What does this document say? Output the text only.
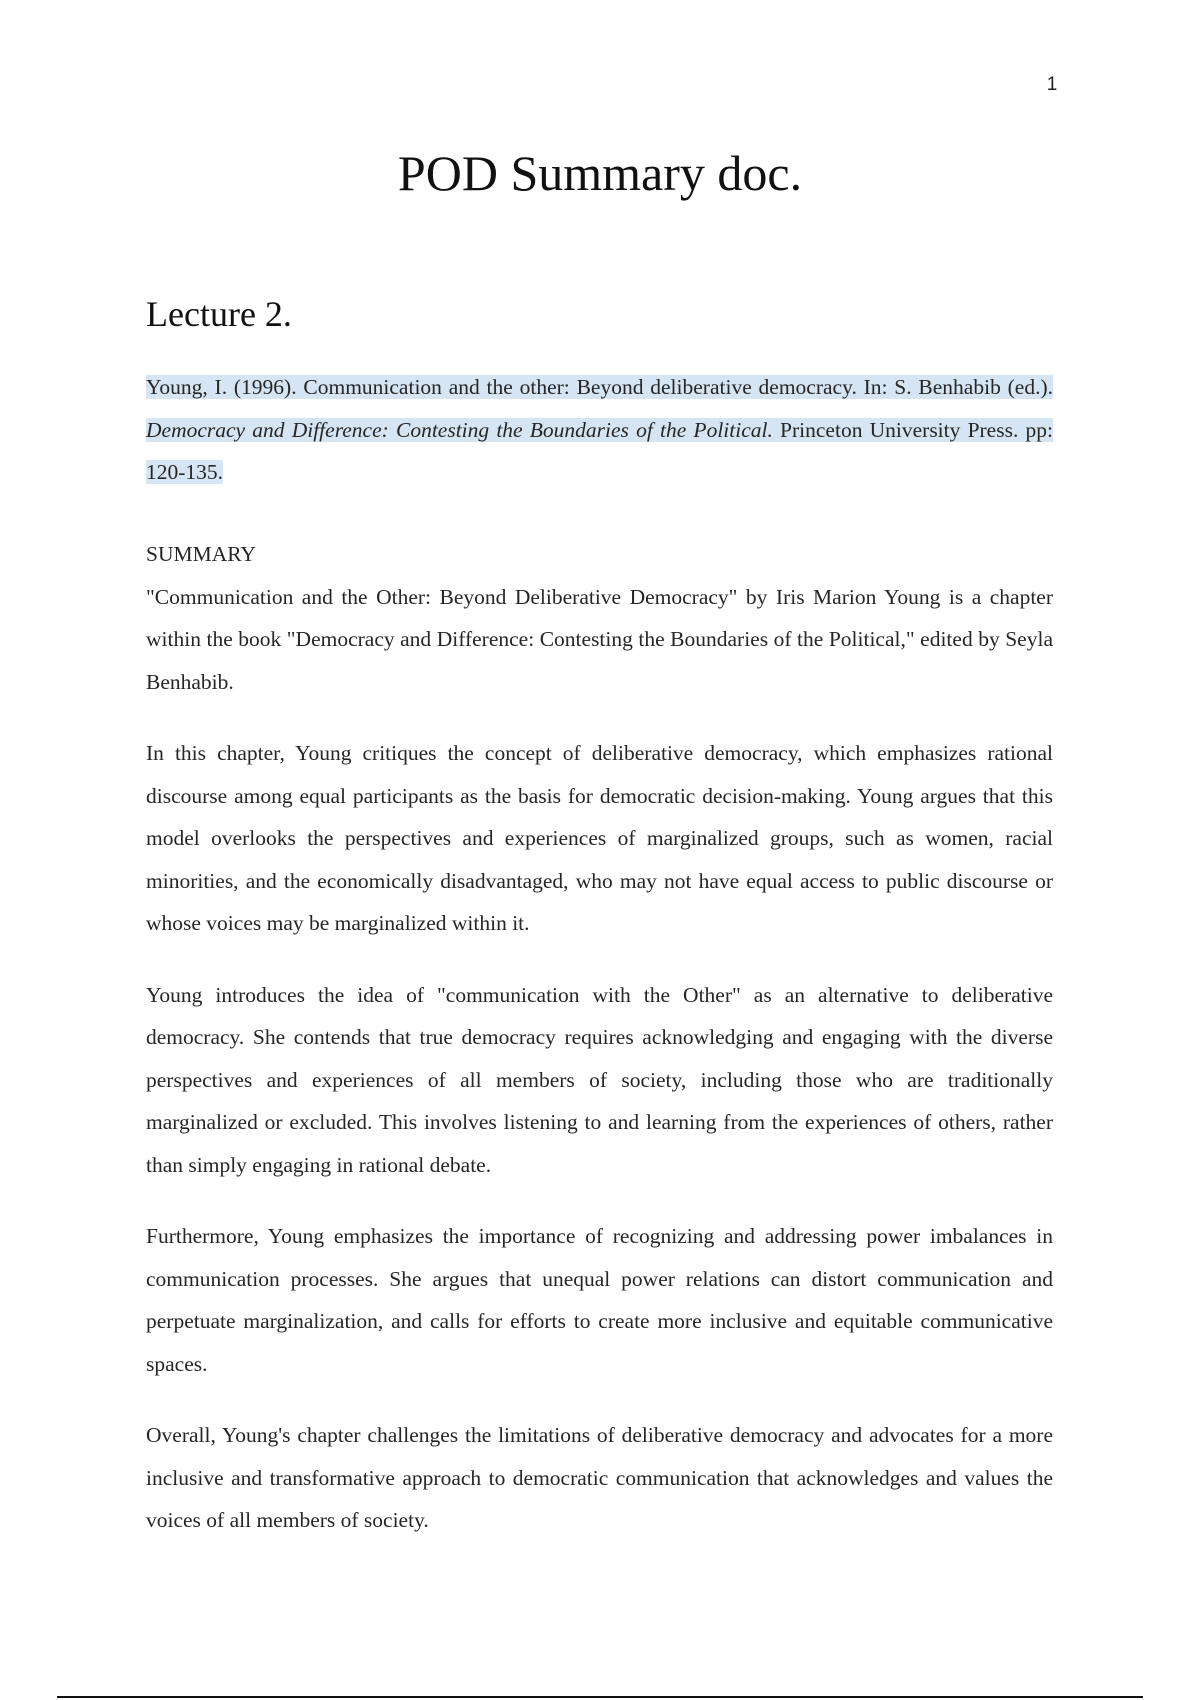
1
POD Summary doc.
Lecture 2.
Young, I. (1996). Communication and the other: Beyond deliberative democracy. In: S. Benhabib (ed.). Democracy and Difference: Contesting the Boundaries of the Political. Princeton University Press. pp: 120-135.
SUMMARY

"Communication and the Other: Beyond Deliberative Democracy" by Iris Marion Young is a chapter within the book "Democracy and Difference: Contesting the Boundaries of the Political," edited by Seyla Benhabib.

In this chapter, Young critiques the concept of deliberative democracy, which emphasizes rational discourse among equal participants as the basis for democratic decision-making. Young argues that this model overlooks the perspectives and experiences of marginalized groups, such as women, racial minorities, and the economically disadvantaged, who may not have equal access to public discourse or whose voices may be marginalized within it.

Young introduces the idea of "communication with the Other" as an alternative to deliberative democracy. She contends that true democracy requires acknowledging and engaging with the diverse perspectives and experiences of all members of society, including those who are traditionally marginalized or excluded. This involves listening to and learning from the experiences of others, rather than simply engaging in rational debate.

Furthermore, Young emphasizes the importance of recognizing and addressing power imbalances in communication processes. She argues that unequal power relations can distort communication and perpetuate marginalization, and calls for efforts to create more inclusive and equitable communicative spaces.

Overall, Young's chapter challenges the limitations of deliberative democracy and advocates for a more inclusive and transformative approach to democratic communication that acknowledges and values the voices of all members of society.
